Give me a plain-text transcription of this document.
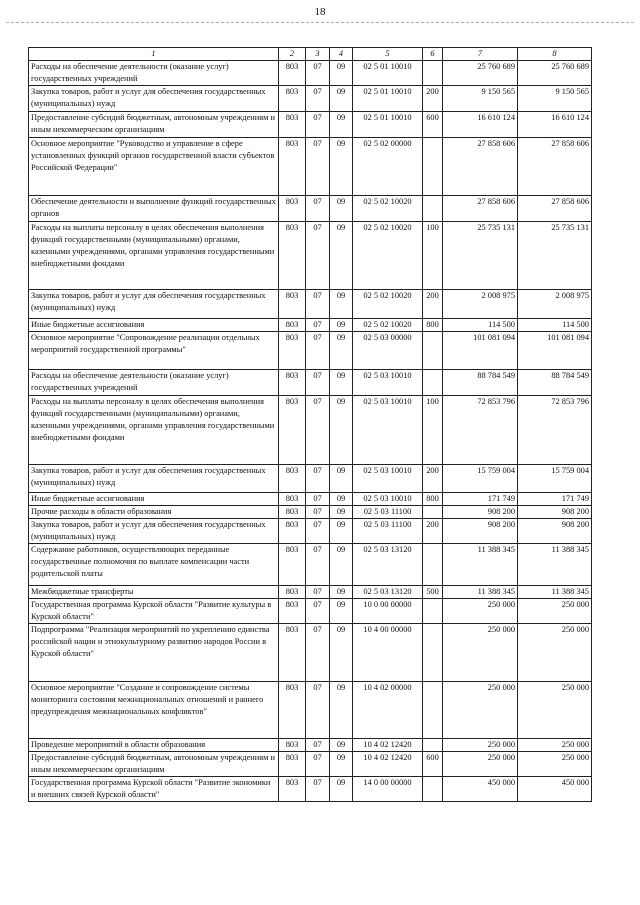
18
1	2	3	4	5	6	7	8
Расходы на обеспечение деятельности (оказание услуг) государственных учреждений	803	07	09	02 5 01 10010		25 760 689	25 760 689
Закупка товаров, работ и услуг для обеспечения государственных (муниципальных) нужд	803	07	09	02 5 01 10010	200	9 150 565	9 150 565
Предоставление субсидий бюджетным, автономным учреждениям и иным некоммерческим организациям	803	07	09	02 5 01 10010	600	16 610 124	16 610 124
Основное мероприятие "Руководство и управление в сфере установленных функций органов государственной власти субъектов Российской Федерации"	803	07	09	02 5 02 00000		27 858 606	27 858 606
Обеспечение деятельности и выполнение функций государственных органов	803	07	09	02 5 02 10020		27 858 606	27 858 606
Расходы на выплаты персоналу в целях обеспечения выполнения функций государственными (муниципальными) органами, казенными учреждениями, органами управления государственными внебюджетными фондами	803	07	09	02 5 02 10020	100	25 735 131	25 735 131
Закупка товаров, работ и услуг для обеспечения государственных (муниципальных) нужд	803	07	09	02 5 02 10020	200	2 008 975	2 008 975
Иные бюджетные ассигнования	803	07	09	02 5 02 10020	800	114 500	114 500
Основное мероприятие "Сопровождение реализации отдельных мероприятий государственной программы"	803	07	09	02 5 03 00000		101 081 094	101 081 094
Расходы на обеспечение деятельности (оказание услуг) государственных учреждений	803	07	09	02 5 03 10010		88 784 549	88 784 549
Расходы на выплаты персоналу в целях обеспечения выполнения функций государственными (муниципальными) органами, казенными учреждениями, органами управления государственными внебюджетными фондами	803	07	09	02 5 03 10010	100	72 853 796	72 853 796
Закупка товаров, работ и услуг для обеспечения государственных (муниципальных) нужд	803	07	09	02 5 03 10010	200	15 759 004	15 759 004
Иные бюджетные ассигнования	803	07	09	02 5 03 10010	800	171 749	171 749
Прочие расходы в области образования	803	07	09	02 5 03 11100		908 200	908 200
Закупка товаров, работ и услуг для обеспечения государственных (муниципальных) нужд	803	07	09	02 5 03 11100	200	908 200	908 200
Содержание работников, осуществляющих переданные государственные полномочия по выплате компенсации части родительской платы	803	07	09	02 5 03 13120		11 388 345	11 388 345
Межбюджетные трансферты	803	07	09	02 5 03 13120	500	11 388 345	11 388 345
Государственная программа Курской области "Развитие культуры в Курской области"	803	07	09	10 0 00 00000		250 000	250 000
Подпрограмма "Реализация мероприятий по укреплению единства российской нации и этнокультурному развитию народов России в Курской области"	803	07	09	10 4 00 00000		250 000	250 000
Основное мероприятие "Создание и сопровождение системы мониторинга состояния межнациональных отношений и раннего предупреждения межнациональных конфликтов"	803	07	09	10 4 02 00000		250 000	250 000
Проведение мероприятий в области образования	803	07	09	10 4 02 12420		250 000	250 000
Предоставление субсидий бюджетным, автономным учреждениям и иным некоммерческим организациям	803	07	09	10 4 02 12420	600	250 000	250 000
Государственная программа Курской области "Развитие экономики и внешних связей Курской области"	803	07	09	14 0 00 00000		450 000	450 000
